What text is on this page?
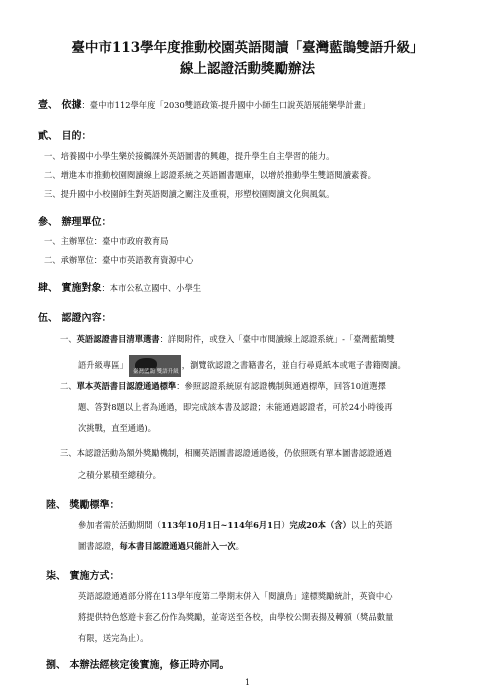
臺中市113學年度推動校園英語閱讀「臺灣藍鵲雙語升級」
線上認證活動獎勵辦法
壹、 依據：臺中市112學年度「2030雙語政策-提升國中小師生口說英語展能樂學計畫」
貳、 目的：
一、培養國中小學生樂於接觸課外英語圖書的興趣，提升學生自主學習的能力。
二、增進本市推動校園閱讀線上認證系統之英語圖書題庫，以增於推動學生雙語閱讀素養。
三、提升國中小校園師生對英語閱讀之關注及重視，形塑校園閱讀文化與風氣。
參、 辦理單位：
一、主辦單位：臺中市政府教育局
二、承辦單位：臺中市英語教育資源中心
肆、 實施對象：本市公私立國中、小學生
伍、 認證內容：
一、英語認證書目清單選書：詳閱附件，或登入「臺中市閱讀線上認證系統」-「臺灣藍鵲雙
語升級專區」
臺灣藍鵲 雙語升級
，瀏覽欲認證之書籍書名，並自行尋覓紙本或電子書籍閱讀。
二、單本英語書目認證通過標準：參照認證系統原有認證機制與通過標準，回答10道選擇
題、答對8題以上者為通過，即完成該本書及認證；未能通過認證者，可於24小時後再
次挑戰，直至通過)。
三、本認證活動為額外獎勵機制，相關英語圖書認證通過後，仍依照既有單本圖書認證通過
之積分累積至總積分。
陸、 獎勵標準：
參加者需於活動期間（113年10月1日~114年6月1日）完成20本（含）以上的英語
圖書認證，每本書目認證通過只能計入一次。
柒、 實施方式：
英語認證通過部分將在113學年度第二學期末併入「閱讀鳥」達標獎勵統計，英資中心
將提供特色悠遊卡套乙份作為獎勵，並寄送至各校，由學校公開表揚及轉頒（獎品數量
有限，送完為止）。
捌、 本辦法經核定後實施，修正時亦同。
1
